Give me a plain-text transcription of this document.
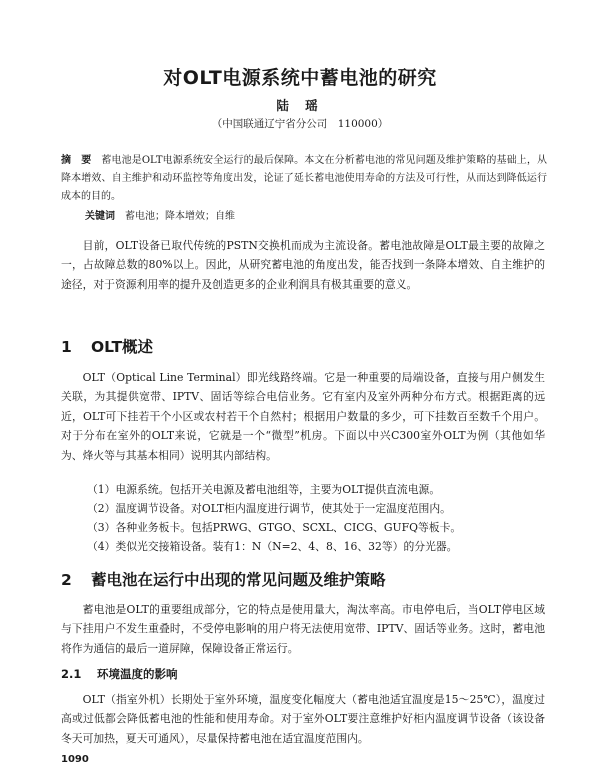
对OLT电源系统中蓄电池的研究
陆 瑶
（中国联通辽宁省分公司　110000）
摘　要 蓄电池是OLT电源系统安全运行的最后保障。本文在分析蓄电池的常见问题及维护策略的基础上，从降本增效、自主维护和动环监控等角度出发，论证了延长蓄电池使用寿命的方法及可行性，从而达到降低运行成本的目的。
关键词 蓄电池；降本增效；自维
目前，OLT设备已取代传统的PSTN交换机而成为主流设备。蓄电池故障是OLT最主要的故障之一，占故障总数的80%以上。因此，从研究蓄电池的角度出发，能否找到一条降本增效、自主维护的途径，对于资源利用率的提升及创造更多的企业利润具有极其重要的意义。
1 OLT概述
OLT（Optical Line Terminal）即光线路终端。它是一种重要的局端设备，直接与用户侧发生关联，为其提供宽带、IPTV、固话等综合电信业务。它有室内及室外两种分布方式。根据距离的远近，OLT可下挂若干个小区或农村若干个自然村；根据用户数量的多少，可下挂数百至数千个用户。对于分布在室外的OLT来说，它就是一个“微型”机房。下面以中兴C300室外OLT为例（其他如华为、烽火等与其基本相同）说明其内部结构。
（1）电源系统。包括开关电源及蓄电池组等，主要为OLT提供直流电源。
（2）温度调节设备。对OLT柜内温度进行调节，使其处于一定温度范围内。
（3）各种业务板卡。包括PRWG、GTGO、SCXL、CICG、GUFQ等板卡。
（4）类似光交接箱设备。装有1：N（N=2、4、8、16、32等）的分光器。
2 蓄电池在运行中出现的常见问题及维护策略
蓄电池是OLT的重要组成部分，它的特点是使用量大，淘汰率高。市电停电后，当OLT停电区域与下挂用户不发生重叠时，不受停电影响的用户将无法使用宽带、IPTV、固话等业务。这时，蓄电池将作为通信的最后一道屏障，保障设备正常运行。
2.1 环境温度的影响
OLT（指室外机）长期处于室外环境，温度变化幅度大（蓄电池适宜温度是15～25℃），温度过高或过低都会降低蓄电池的性能和使用寿命。对于室外OLT要注意维护好柜内温度调节设备（该设备冬天可加热，夏天可通风），尽量保持蓄电池在适宜温度范围内。
1090
